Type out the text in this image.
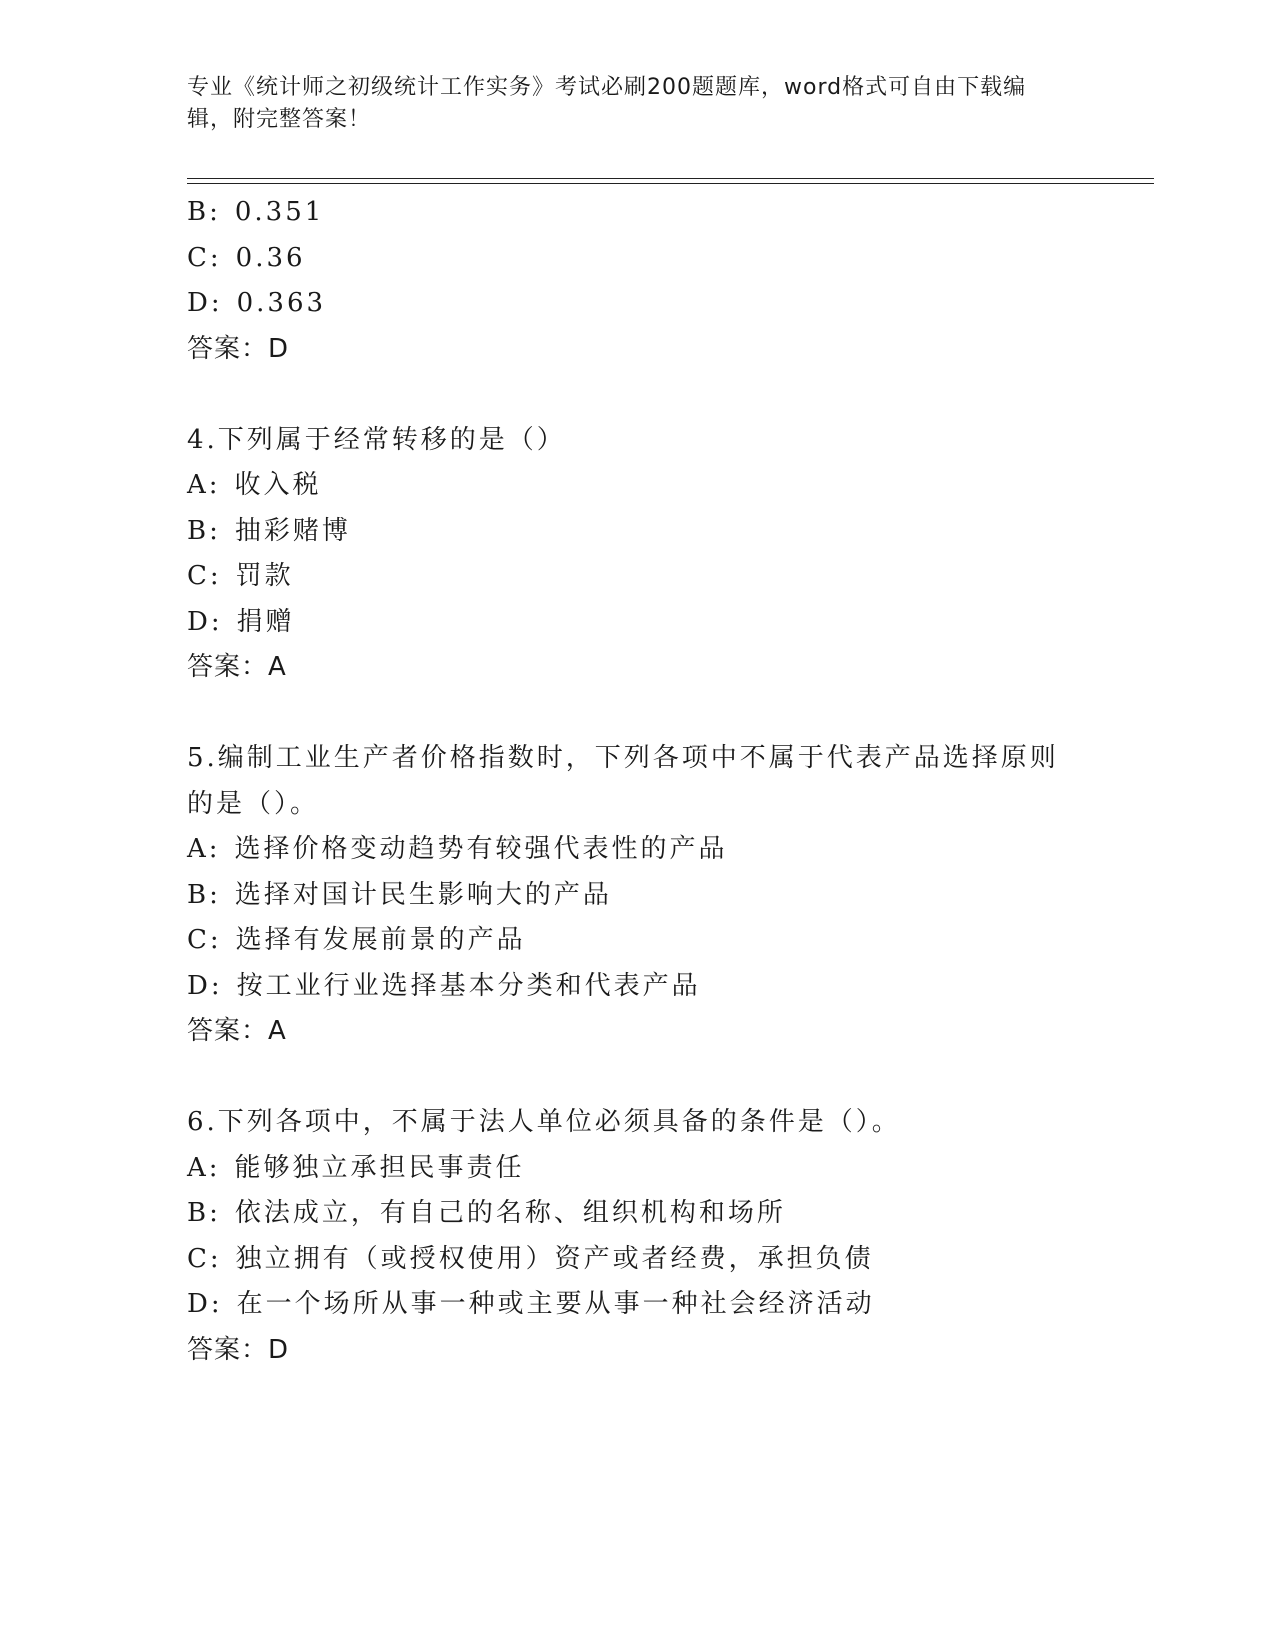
专业《统计师之初级统计工作实务》考试必刷200题题库，word格式可自由下载编辑，附完整答案！
B: 0.351
C: 0.36
D: 0.363
答案：D
4.下列属于经常转移的是（）
A: 收入税
B: 抽彩赌博
C: 罚款
D: 捐赠
答案：A
5.编制工业生产者价格指数时，下列各项中不属于代表产品选择原则
的是（）。
A: 选择价格变动趋势有较强代表性的产品
B: 选择对国计民生影响大的产品
C: 选择有发展前景的产品
D: 按工业行业选择基本分类和代表产品
答案：A
6.下列各项中，不属于法人单位必须具备的条件是（）。
A: 能够独立承担民事责任
B: 依法成立，有自己的名称、组织机构和场所
C: 独立拥有（或授权使用）资产或者经费，承担负债
D: 在一个场所从事一种或主要从事一种社会经济活动
答案：D
